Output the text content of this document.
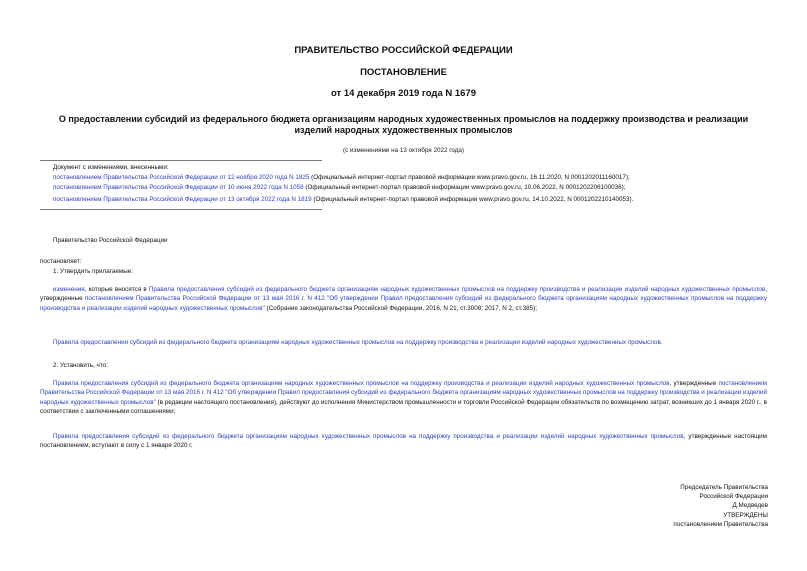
ПРАВИТЕЛЬСТВО РОССИЙСКОЙ ФЕДЕРАЦИИ
ПОСТАНОВЛЕНИЕ
от 14 декабря 2019 года N 1679
О предоставлении субсидий из федерального бюджета организациям народных художественных промыслов на поддержку производства и реализации изделий народных художественных промыслов
(с изменениями на 13 октября 2022 года)
Документ с изменениями, внесенными:
постановлением Правительства Российской Федерации от 12 ноября 2020 года N 1825 (Официальный интернет-портал правовой информации www.pravo.gov.ru, 16.11.2020, N 0001202011160017);
постановлением Правительства Российской Федерации от 10 июня 2022 года N 1058 (Официальный интернет-портал правовой информации www.pravo.gov.ru, 10.06.2022, N 0001202206100036);
постановлением Правительства Российской Федерации от 13 октября 2022 года N 1819 (Официальный интернет-портал правовой информации www.pravo.gov.ru, 14.10.2022, N 0001202210140053).
Правительство Российской Федерации
постановляет:
1. Утвердить прилагаемые:
изменения, которые вносятся в Правила предоставления субсидий из федерального бюджета организациям народных художественных промыслов на поддержку производства и реализации изделий народных художественных промыслов, утвержденные постановлением Правительства Российской Федерации от 13 мая 2016 г. N 412 "Об утверждении Правил предоставления субсидий из федерального бюджета организациям народных художественных промыслов на поддержку производства и реализации изделий народных художественных промыслов" (Собрание законодательства Российской Федерации, 2016, N 21, ст.3008; 2017, N 2, ст.385);
Правила предоставления субсидий из федерального бюджета организациям народных художественных промыслов на поддержку производства и реализации изделий народных художественных промыслов.
2. Установить, что:
Правила предоставления субсидий из федерального бюджета организациям народных художественных промыслов на поддержку производства и реализации изделий народных художественных промыслов, утвержденные постановлением Правительства Российской Федерации от 13 мая 2016 г. N 412 "Об утверждении Правил предоставления субсидий из федерального бюджета организациям народных художественных промыслов на поддержку производства и реализации изделий народных художественных промыслов" (в редакции настоящего постановления), действуют до исполнения Министерством промышленности и торговли Российской Федерации обязательств по возмещению затрат, возникших до 1 января 2020 г., в соответствии с заключенными соглашениями;
Правила предоставления субсидий из федерального бюджета организациям народных художественных промыслов на поддержку производства и реализации изделий народных художественных промыслов, утвержденные настоящим постановлением, вступают в силу с 1 января 2020 г.
Председатель Правительства
Российской Федерации
Д.Медведев
УТВЕРЖДЕНЫ
постановлением Правительства
